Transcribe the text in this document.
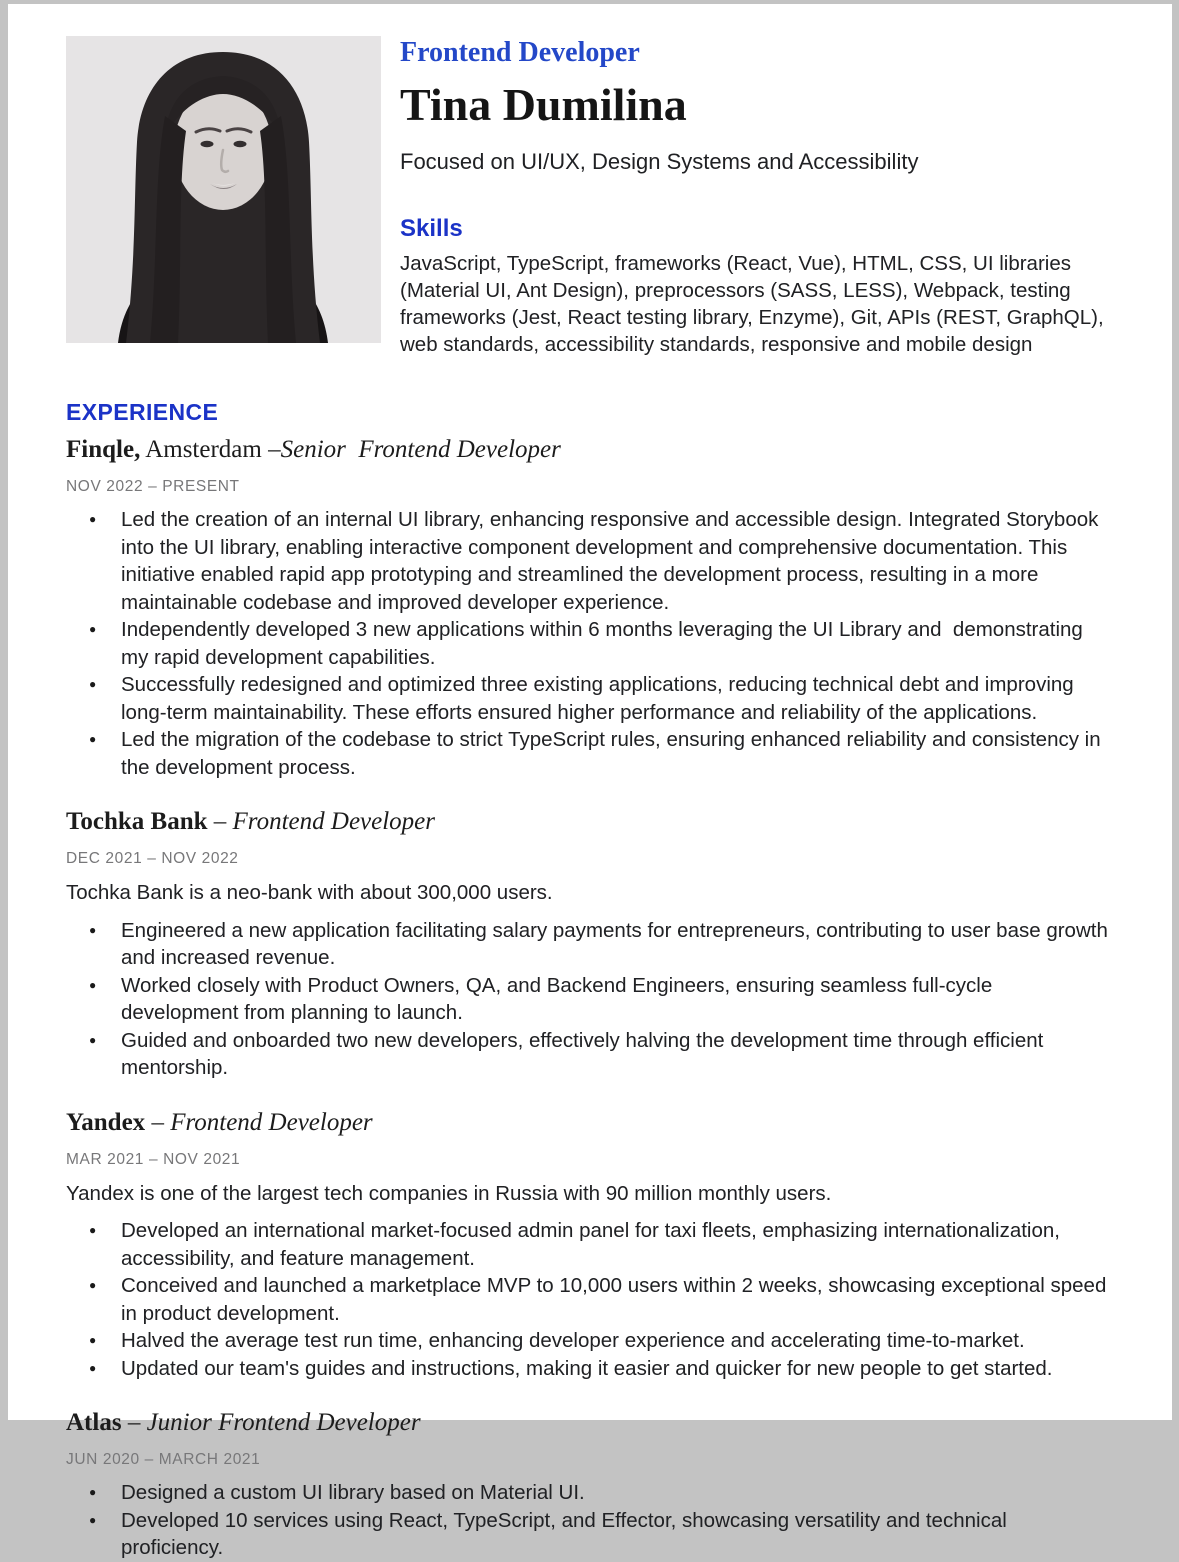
Frontend Developer
Tina Dumilina
Focused on UI/UX, Design Systems and Accessibility
Skills
JavaScript, TypeScript, frameworks (React, Vue), HTML, CSS, UI libraries (Material UI, Ant Design), preprocessors (SASS, LESS), Webpack, testing frameworks (Jest, React testing library, Enzyme), Git, APIs (REST, GraphQL), web standards, accessibility standards, responsive and mobile design
EXPERIENCE
Finqle, Amsterdam –Senior  Frontend Developer
NOV 2022 – PRESENT
● Led the creation of an internal UI library, enhancing responsive and accessible design. Integrated Storybook into the UI library, enabling interactive component development and comprehensive documentation. This initiative enabled rapid app prototyping and streamlined the development process, resulting in a more maintainable codebase and improved developer experience.
● Independently developed 3 new applications within 6 months leveraging the UI Library and  demonstrating my rapid development capabilities.
● Successfully redesigned and optimized three existing applications, reducing technical debt and improving long-term maintainability. These efforts ensured higher performance and reliability of the applications.
● Led the migration of the codebase to strict TypeScript rules, ensuring enhanced reliability and consistency in the development process.
Tochka Bank – Frontend Developer
DEC 2021 – NOV 2022

Tochka Bank is a neo-bank with about 300,000 users.

● Engineered a new application facilitating salary payments for entrepreneurs, contributing to user base growth and increased revenue.
● Worked closely with Product Owners, QA, and Backend Engineers, ensuring seamless full-cycle development from planning to launch.
● Guided and onboarded two new developers, effectively halving the development time through efficient mentorship.
Yandex – Frontend Developer
MAR 2021 – NOV 2021

Yandex is one of the largest tech companies in Russia with 90 million monthly users.

● Developed an international market-focused admin panel for taxi fleets, emphasizing internationalization, accessibility, and feature management.
● Conceived and launched a marketplace MVP to 10,000 users within 2 weeks, showcasing exceptional speed in product development.
● Halved the average test run time, enhancing developer experience and accelerating time-to-market.
● Updated our team's guides and instructions, making it easier and quicker for new people to get started.
Atlas – Junior Frontend Developer
JUN 2020 – MARCH 2021
● Designed a custom UI library based on Material UI.
● Developed 10 services using React, TypeScript, and Effector, showcasing versatility and technical proficiency.
